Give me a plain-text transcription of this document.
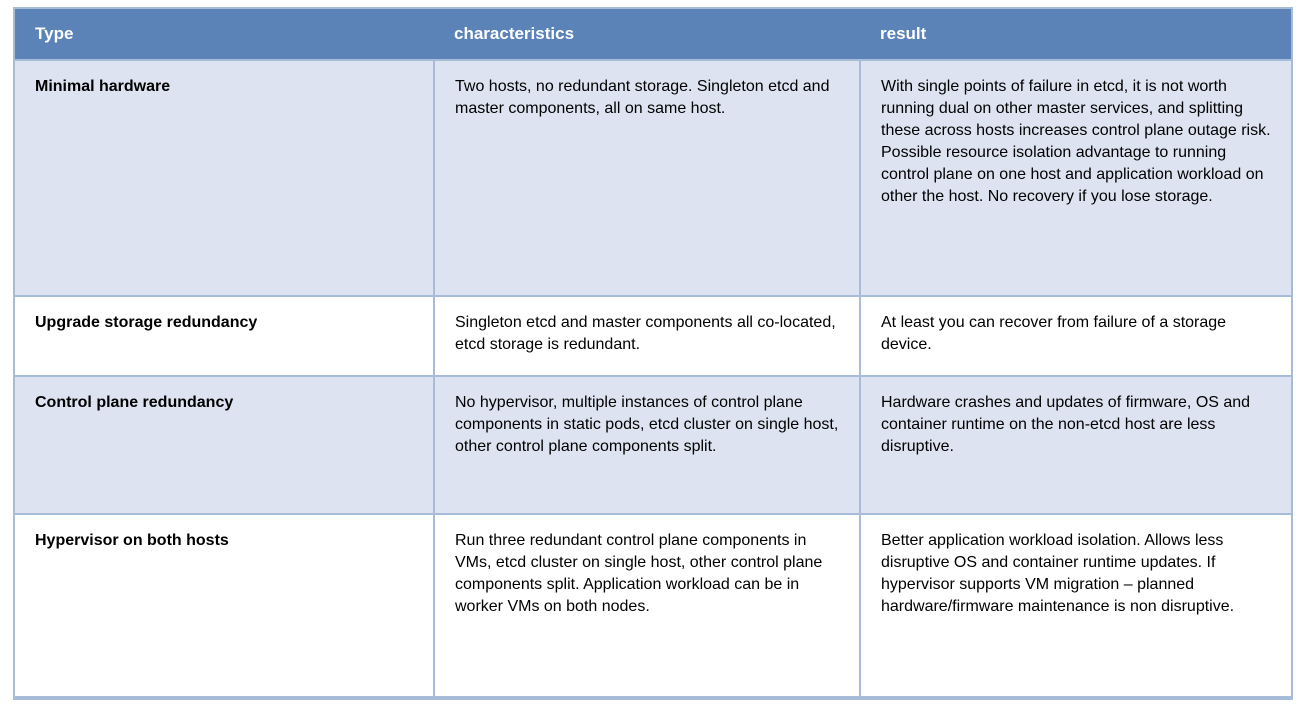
Type	characteristics	result
Minimal hardware	Two hosts, no redundant storage. Singleton etcd and master components, all on same host.	With single points of failure in etcd, it is not worth running dual on other master services, and splitting these across hosts increases control plane outage risk. Possible resource isolation advantage to running control plane on one host and application workload on other the host. No recovery if you lose storage.
Upgrade storage redundancy	Singleton etcd and master components all co-located, etcd storage is redundant.	At least you can recover from failure of a storage device.
Control plane redundancy	No hypervisor, multiple instances of control plane components in static pods, etcd cluster on single host, other control plane components split.	Hardware crashes and updates of firmware, OS and container runtime on the non-etcd host are less disruptive.
Hypervisor on both hosts	Run three redundant control plane components in VMs, etcd cluster on single host, other control plane components split. Application workload can be in worker VMs on both nodes.	Better application workload isolation. Allows less disruptive OS and container runtime updates. If hypervisor supports VM migration – planned hardware/firmware maintenance is non disruptive.
